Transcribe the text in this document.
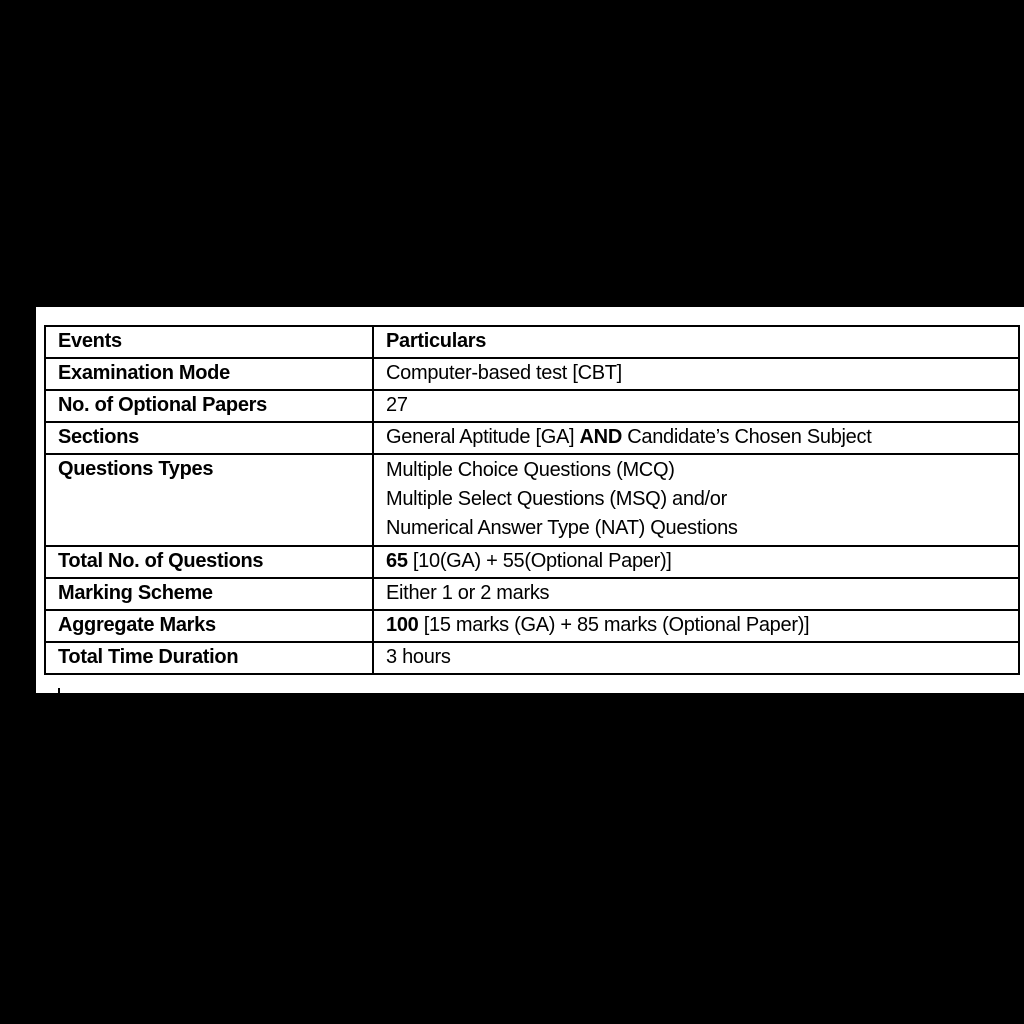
Events	Particulars
Examination Mode	Computer-based test [CBT]
No. of Optional Papers	27
Sections	General Aptitude [GA] AND Candidate’s Chosen Subject
Questions Types	Multiple Choice Questions (MCQ)
Multiple Select Questions (MSQ) and/or
Numerical Answer Type (NAT) Questions

Total No. of Questions	65 [10(GA) + 55(Optional Paper)]
Marking Scheme	Either 1 or 2 marks
Aggregate Marks	100 [15 marks (GA) + 85 marks (Optional Paper)]
Total Time Duration	3 hours
